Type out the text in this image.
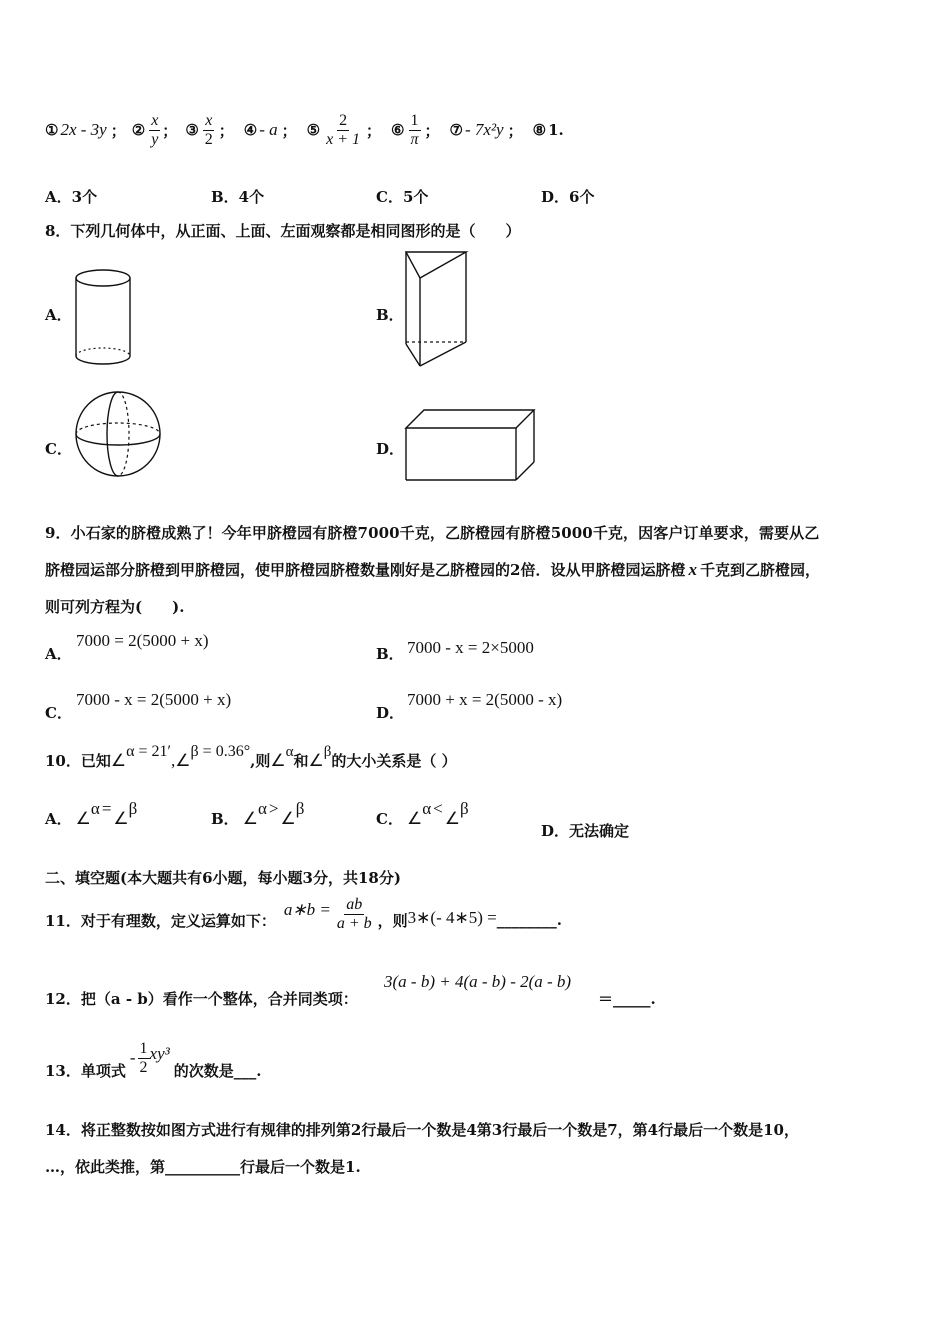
① 2x - 3y ； ② $\frac{x}{y}$ ； ③ $\frac{x}{2}$ ； ④ - a ； ⑤ $\frac{2}{x + 1}$ ； ⑥ $\frac{1}{\pi}$ ； ⑦ - 7x²y ； ⑧ 1.
A．3个	B．4个	C．5个	D．6个
8．下列几何体中，从正面、上面、左面观察都是相同图形的是（　　）
A．	B．
C．	D．
9．小石家的脐橙成熟了！今年甲脐橙园有脐橙7000千克，乙脐橙园有脐橙5000千克，因客户订单要求，需要从乙
脐橙园运部分脐橙到甲脐橙园，使甲脐橙园脐橙数量刚好是乙脐橙园的2倍．设从甲脐橙园运脐橙 x 千克到乙脐橙园，
则可列方程为(　　).
A．
7000 = 2(5000 + x)
B． 7000 - x = 2×5000
C．
7000 - x = 2(5000 + x)
D．
7000 + x = 2(5000 - x)
10．已知 ∠ α = 21′ , ∠ β = 0.36°
,则 ∠ α 和 ∠ β 的大小关系是（ ）
A． ∠
α =
∠
β
B． ∠
α >
∠
β
C． ∠
α <
∠
β
D．无法确定
二、填空题(本大题共有6小题，每小题3分，共18分)
11．对于有理数，定义运算如下：
a∗b = $\frac{ab}{a + b}$ ，则 3∗(- 4∗5) = ________ .
12．把（a - b）看作一个整体，合并同类项：
3(a - b) + 4(a - b) - 2(a - b)
＝_____.
13．单项式
- $\frac{1}{2} xy^3$
的次数是___.
14．将正整数按如图方式进行有规律的排列第2行最后一个数是4第3行最后一个数是7，第4行最后一个数是10，
…，依此类推，第__________行最后一个数是1.
